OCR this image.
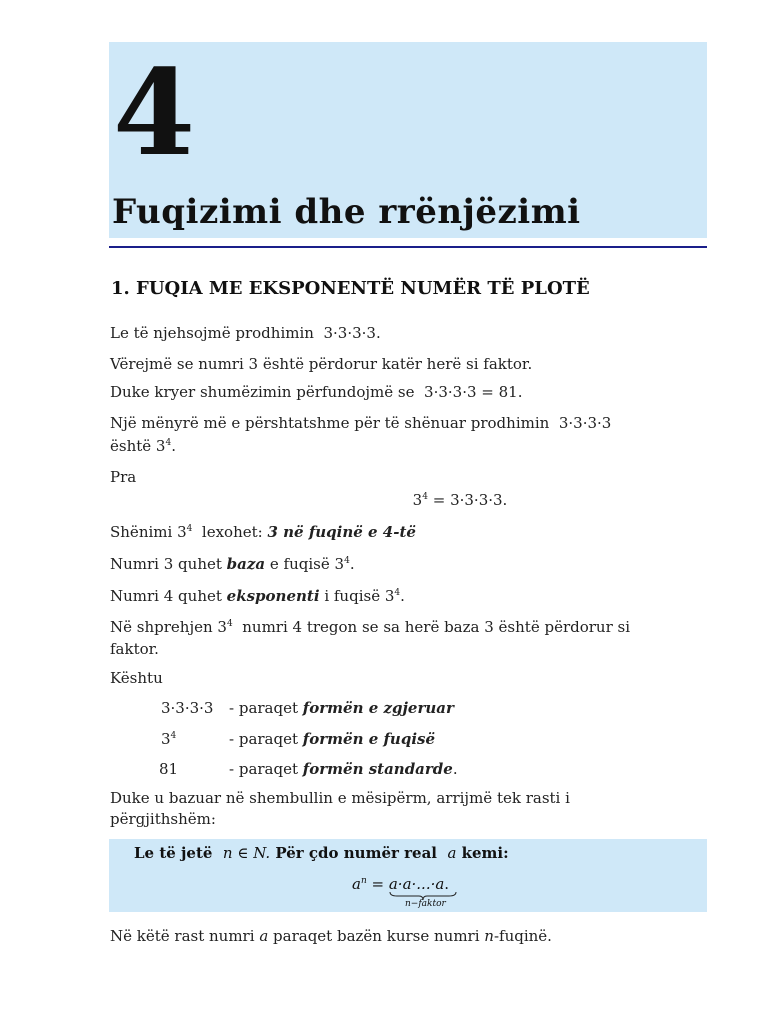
4
Fuqizimi dhe rrënjëzimi
1. FUQIA ME EKSPONENTË NUMËR TË PLOTË
Le të njehsojmë prodhimin 3·3·3·3.
Vërejmë se numri 3 është përdorur katër herë si faktor.
Duke kryer shumëzimin përfundojmë se 3·3·3·3 = 81.
Një mënyrë më e përshtatshme për të shënuar prodhimin 3·3·3·3
është $3^4$.
Pra
$3^4 = 3\cdot 3\cdot 3\cdot 3$.
Shënimi $3^4$ lexohet: 3 në fuqinë e 4-të
Numri 3 quhet baza e fuqisë $3^4$.
Numri 4 quhet eksponenti i fuqisë $3^4$.
Në shprehjen $3^4$ numri 4 tregon se sa herë baza 3 është përdorur si
faktor.
Kështu
3·3·3·3 - paraqet formën e zgjeruar
$3^4$	- paraqet formën e fuqisë
81	- paraqet formën standarde.
Duke u bazuar në shembullin e mësipërm, arrijmë tek rasti i
përgjithshëm:
Le të jetë n ∈ N. Për çdo numër real a kemi:
$a^n = a\cdot a\cdot...\cdot a$
.
n−faktor
Në këtë rast numri a paraqet bazën kurse numri n-fuqinë.
